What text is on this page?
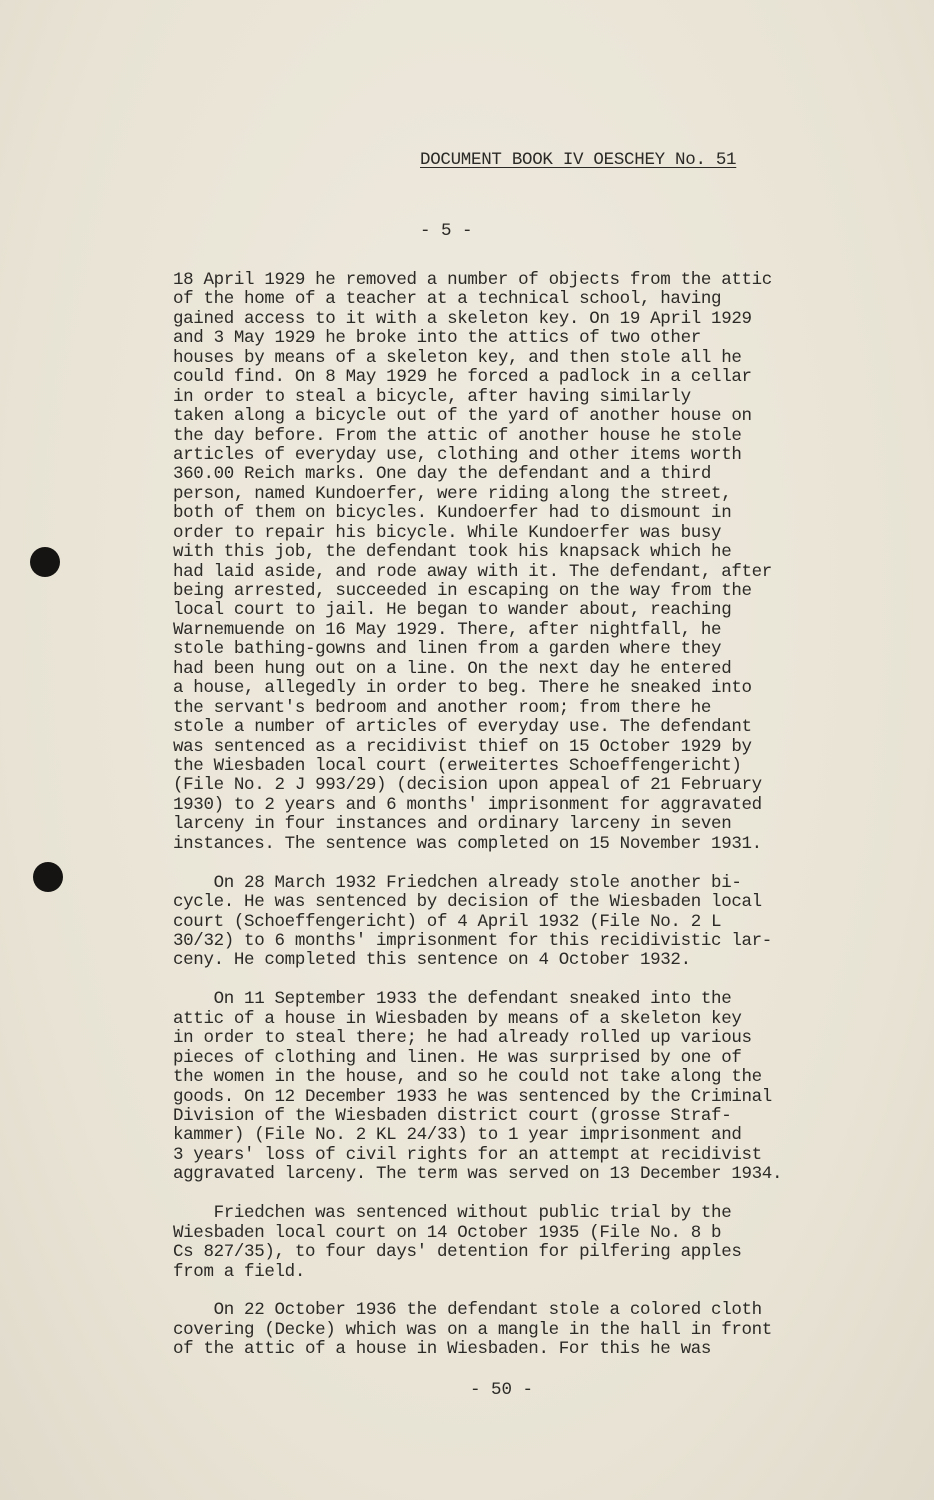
DOCUMENT BOOK IV OESCHEY No. 51
- 5 -
18 April 1929 he removed a number of objects from the attic
of the home of a teacher at a technical school, having
gained access to it with a skeleton key. On 19 April 1929
and 3 May 1929 he broke into the attics of two other
houses by means of a skeleton key, and then stole all he
could find. On 8 May 1929 he forced a padlock in a cellar
in order to steal a bicycle, after having similarly
taken along a bicycle out of the yard of another house on
the day before. From the attic of another house he stole
articles of everyday use, clothing and other items worth
360.00 Reich marks. One day the defendant and a third
person, named Kundoerfer, were riding along the street,
both of them on bicycles. Kundoerfer had to dismount in
order to repair his bicycle. While Kundoerfer was busy
with this job, the defendant took his knapsack which he
had laid aside, and rode away with it. The defendant, after
being arrested, succeeded in escaping on the way from the
local court to jail. He began to wander about, reaching
Warnemuende on 16 May 1929. There, after nightfall, he
stole bathing-gowns and linen from a garden where they
had been hung out on a line. On the next day he entered
a house, allegedly in order to beg. There he sneaked into
the servant's bedroom and another room; from there he
stole a number of articles of everyday use. The defendant
was sentenced as a recidivist thief on 15 October 1929 by
the Wiesbaden local court (erweitertes Schoeffengericht)
(File No. 2 J 993/29) (decision upon appeal of 21 February
1930) to 2 years and 6 months' imprisonment for aggravated
larceny in four instances and ordinary larceny in seven
instances. The sentence was completed on 15 November 1931.
On 28 March 1932 Friedchen already stole another bi-
cycle. He was sentenced by decision of the Wiesbaden local
court (Schoeffengericht) of 4 April 1932 (File No. 2 L
30/32) to 6 months' imprisonment for this recidivistic lar-
ceny. He completed this sentence on 4 October 1932.
On 11 September 1933 the defendant sneaked into the
attic of a house in Wiesbaden by means of a skeleton key
in order to steal there; he had already rolled up various
pieces of clothing and linen. He was surprised by one of
the women in the house, and so he could not take along the
goods. On 12 December 1933 he was sentenced by the Criminal
Division of the Wiesbaden district court (grosse Straf-
kammer) (File No. 2 KL 24/33) to 1 year imprisonment and
3 years' loss of civil rights for an attempt at recidivist
aggravated larceny. The term was served on 13 December 1934.
Friedchen was sentenced without public trial by the
Wiesbaden local court on 14 October 1935 (File No. 8 b
Cs 827/35), to four days' detention for pilfering apples
from a field.
On 22 October 1936 the defendant stole a colored cloth
covering (Decke) which was on a mangle in the hall in front
of the attic of a house in Wiesbaden. For this he was
- 50 -
